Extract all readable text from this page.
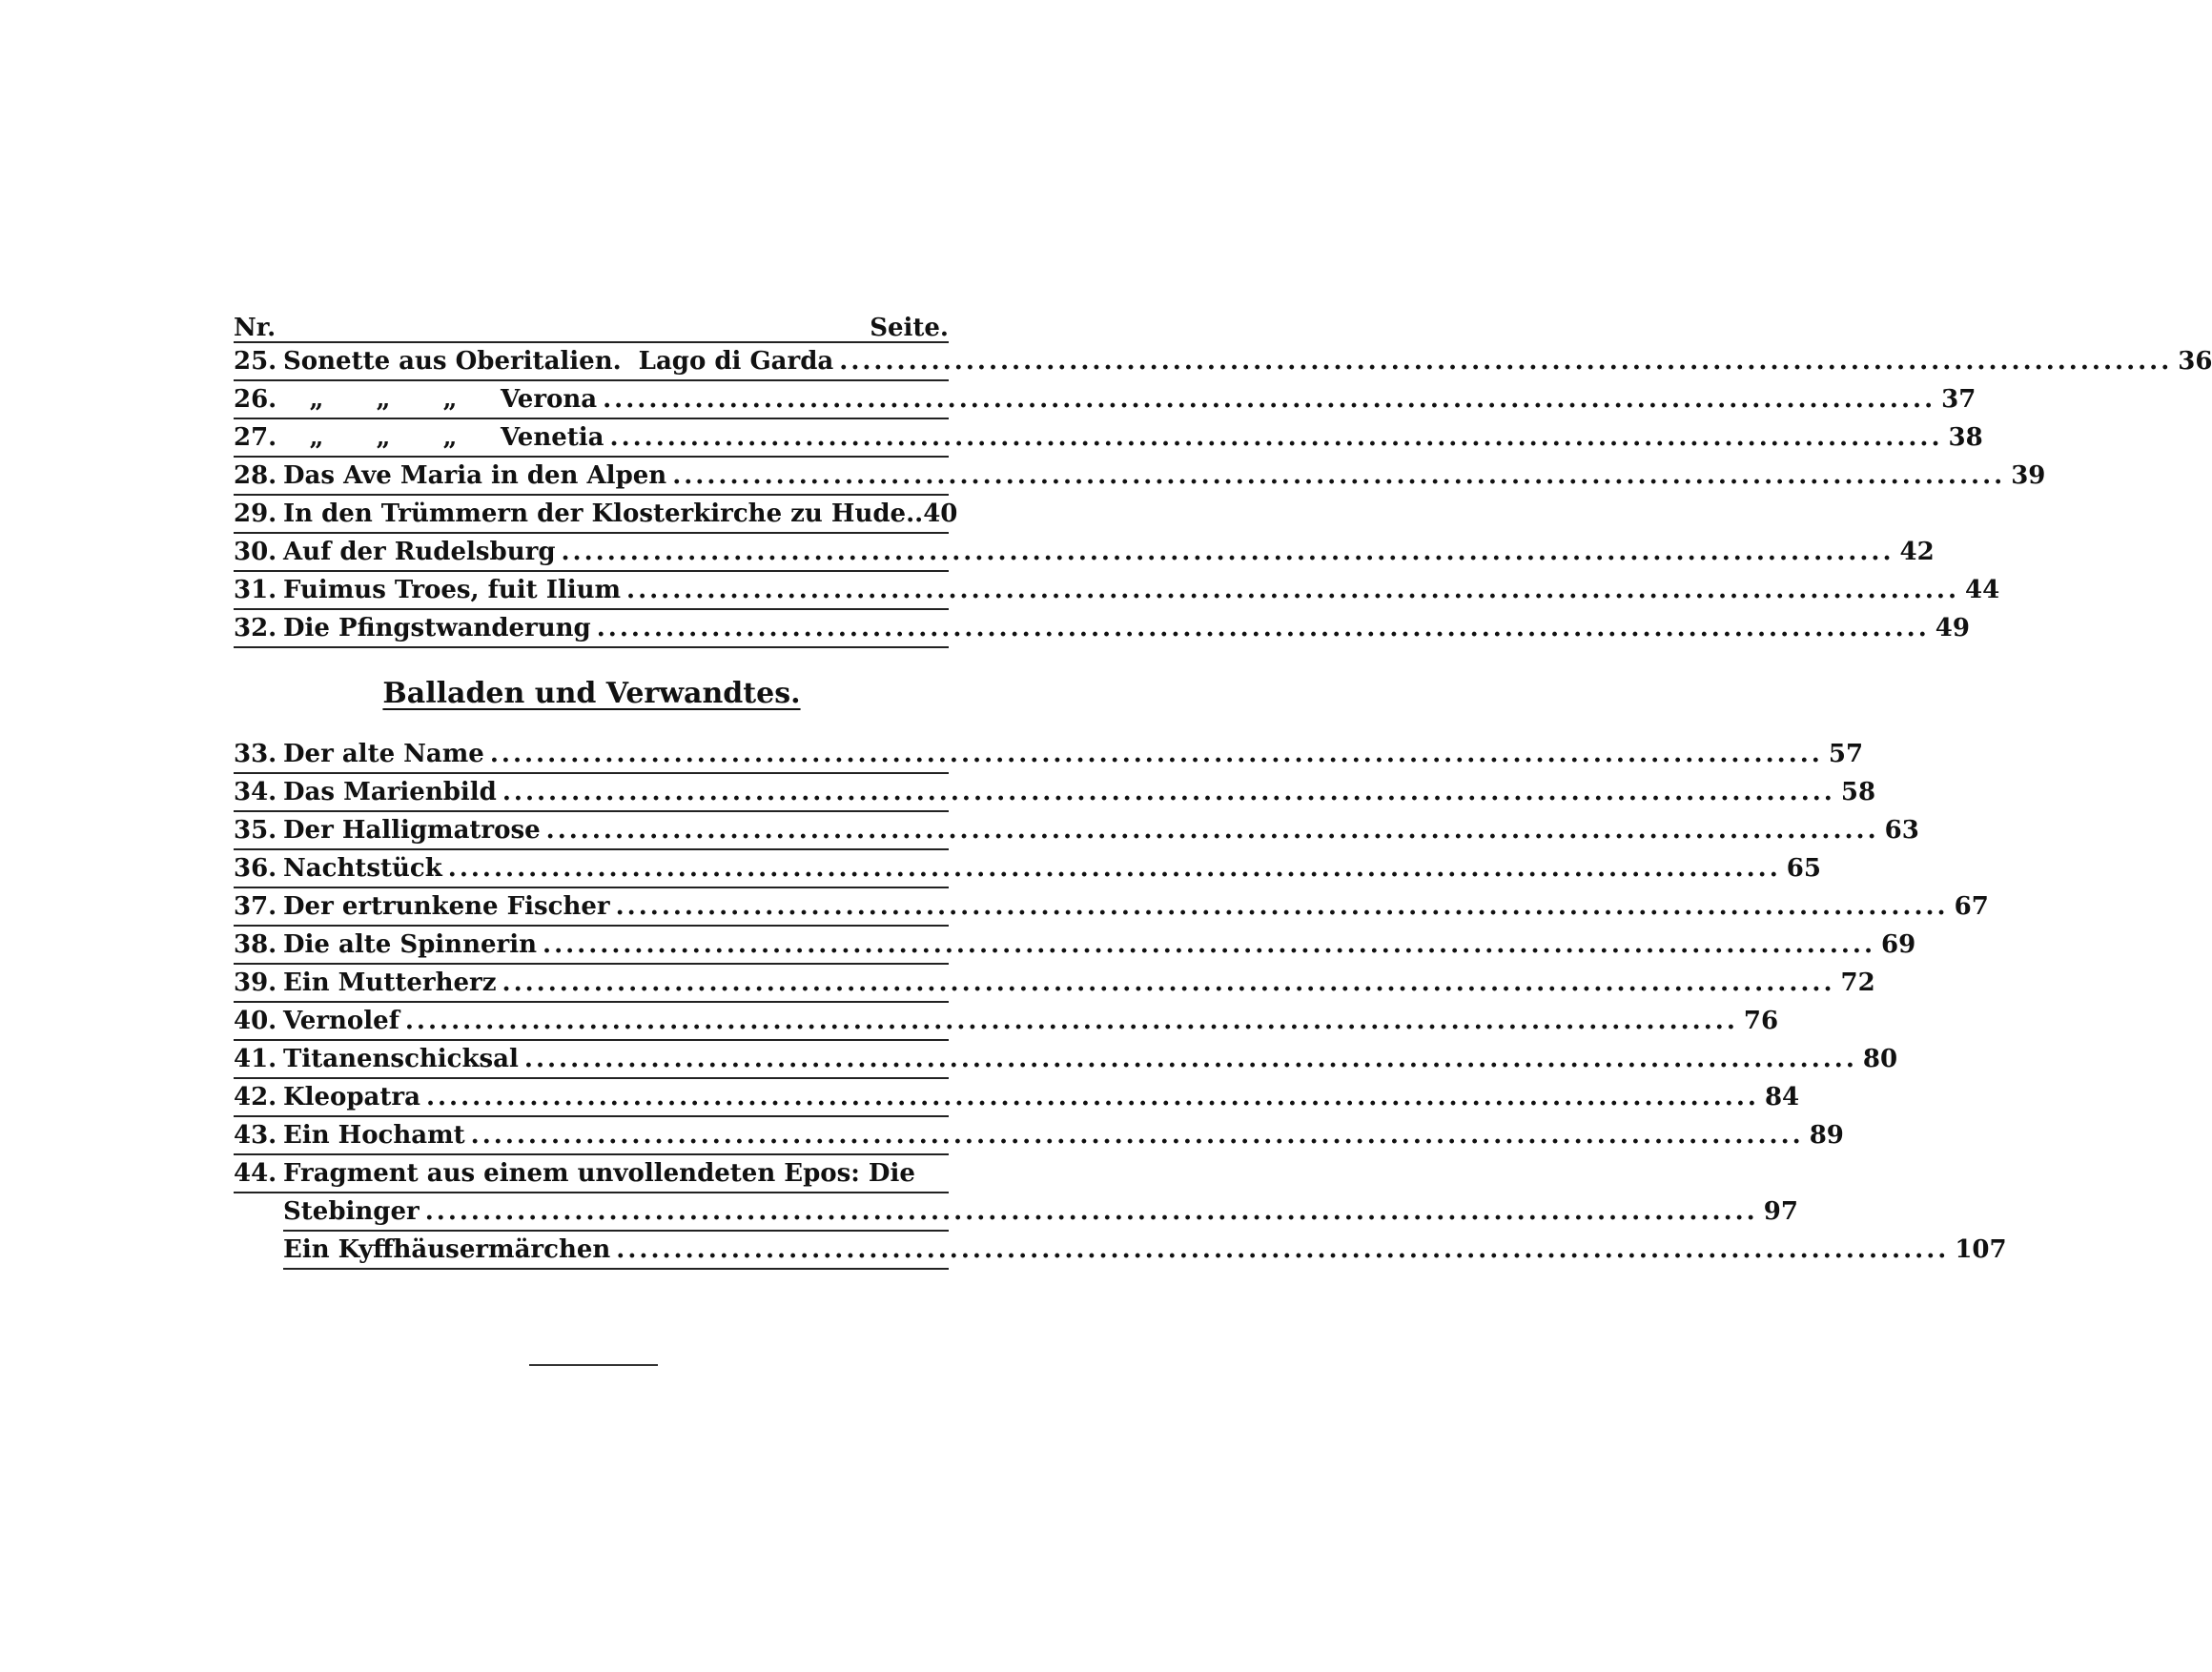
Nr.	Seite.
25. Sonette aus Oberitalien. Lago di Garda .....	36
26.	„	„	„	Verona .....	37
27.	„	„	„	Venetia .....	38
28. Das Ave Maria in den Alpen .....	39
29. In den Trümmern der Klosterkirche zu Hude.. 40
30. Auf der Rudelsburg .....	42
31. Fuimus Troes, fuit Ilium .....	44
32. Die Pfingstwanderung .....	49
Balladen und Verwandtes.
33. Der alte Name .....	57
34. Das Marienbild .....	58
35. Der Halligmatrose .....	63
36. Nachtstück .....	65
37. Der ertrunkene Fischer .....	67
38. Die alte Spinnerin .....	69
39. Ein Mutterherz .....	72
40. Vernolef .....	76
41. Titanenschicksal .....	80
42. Kleopatra .....	84
43. Ein Hochamt .....	89
44. Fragment aus einem unvollendeten Epos: Die
Stebinger .....	97
Ein Kyffhäusermärchen .....	107
